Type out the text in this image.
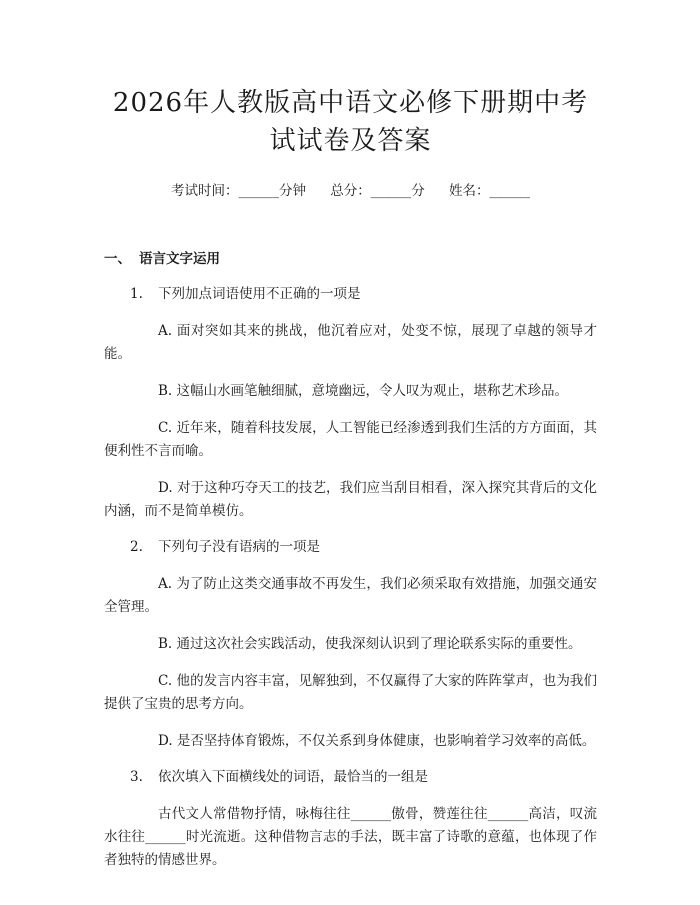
2026年人教版高中语文必修下册期中考试试卷及答案
考试时间：______分钟 总分：______分 姓名：______
一、 语言文字运用
1. 下列加点词语使用不正确的一项是
A. 面对突如其来的挑战，他沉着应对，处变不惊，展现了卓越的领导才能。
B. 这幅山水画笔触细腻，意境幽远，令人叹为观止，堪称艺术珍品。
C. 近年来，随着科技发展，人工智能已经渗透到我们生活的方方面面，其便利性不言而喻。
D. 对于这种巧夺天工的技艺，我们应当刮目相看，深入探究其背后的文化内涵，而不是简单模仿。
2. 下列句子没有语病的一项是
A. 为了防止这类交通事故不再发生，我们必须采取有效措施，加强交通安全管理。
B. 通过这次社会实践活动，使我深刻认识到了理论联系实际的重要性。
C. 他的发言内容丰富，见解独到，不仅赢得了大家的阵阵掌声，也为我们提供了宝贵的思考方向。
D. 是否坚持体育锻炼，不仅关系到身体健康，也影响着学习效率的高低。
3. 依次填入下面横线处的词语，最恰当的一组是
古代文人常借物抒情，咏梅往往______傲骨，赞莲往往______高洁，叹流水往往______时光流逝。这种借物言志的手法，既丰富了诗歌的意蕴，也体现了作者独特的情感世界。
